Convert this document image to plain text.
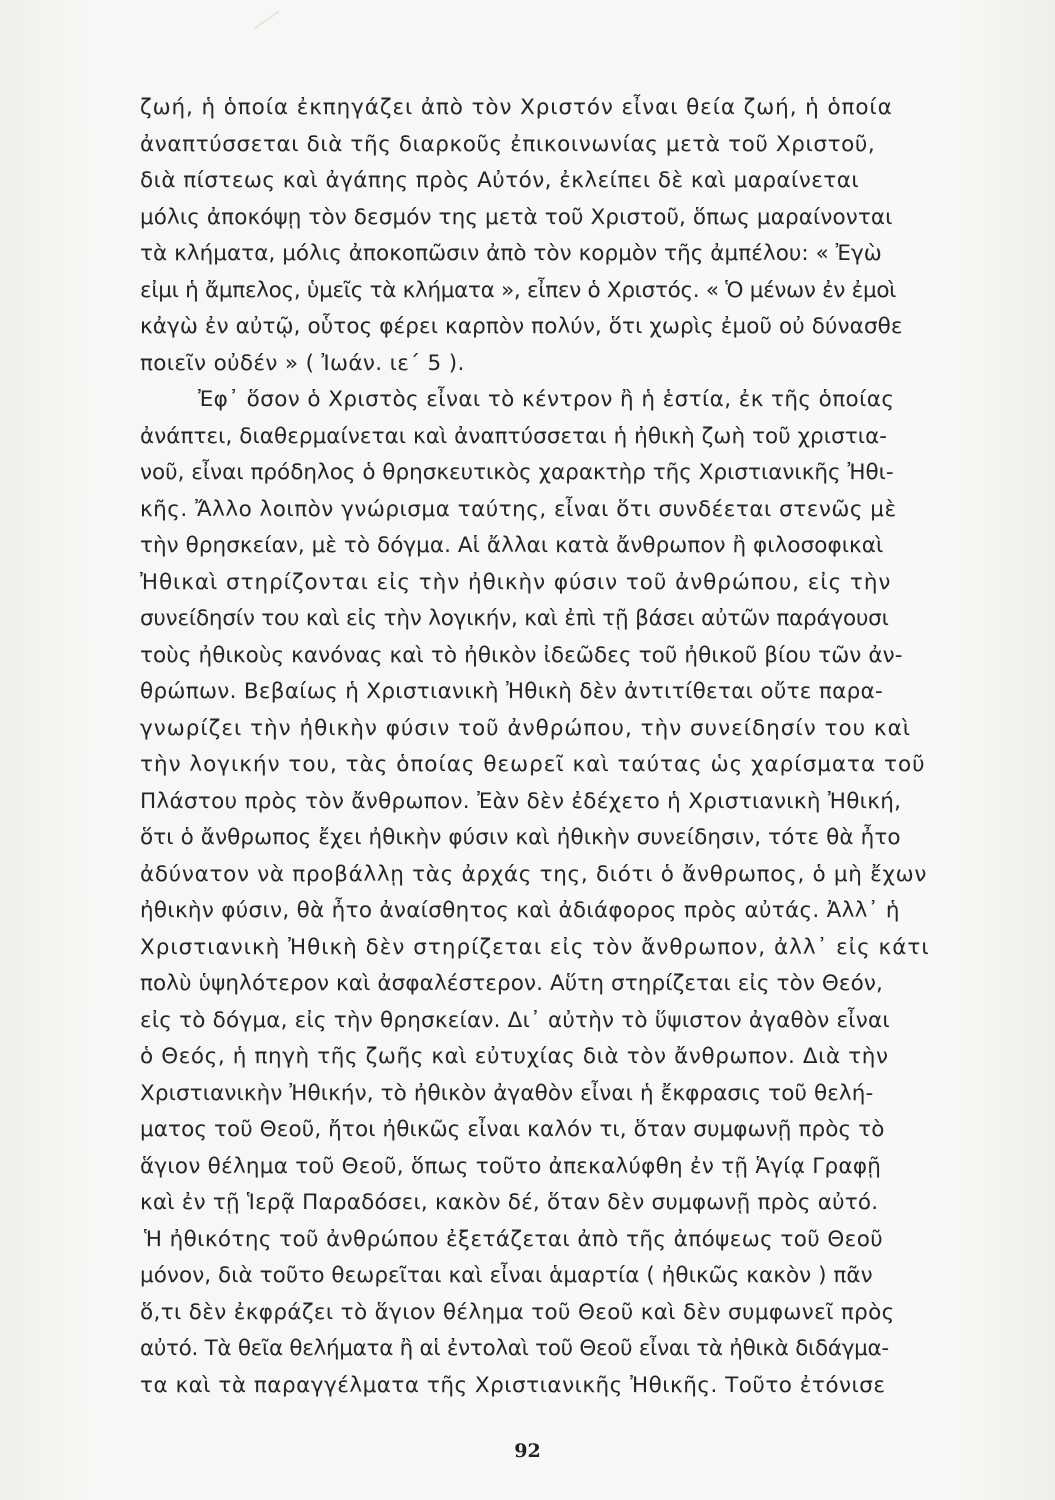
ζωή, ἡ ὁποία ἐκπηγάζει ἀπὸ τὸν Χριστόν εἶναι θεία ζωή, ἡ ὁποία
ἀναπτύσσεται διὰ τῆς διαρκοῦς ἐπικοινωνίας μετὰ τοῦ Χριστοῦ,
διὰ πίστεως καὶ ἀγάπης πρὸς Αὐτόν, ἐκλείπει δὲ καὶ μαραίνεται
μόλις ἀποκόψῃ τὸν δεσμόν της μετὰ τοῦ Χριστοῦ, ὅπως μαραίνονται
τὰ κλήματα, μόλις ἀποκοπῶσιν ἀπὸ τὸν κορμὸν τῆς ἀμπέλου: « Ἐγὼ
εἰμι ἡ ἄμπελος, ὑμεῖς τὰ κλήματα », εἶπεν ὁ Χριστός. « Ὁ μένων ἐν ἐμοὶ
κἀγὼ ἐν αὐτῷ, οὗτος φέρει καρπὸν πολύν, ὅτι χωρὶς ἐμοῦ οὐ δύνασθε
ποιεῖν οὐδέν » ( Ἰωάν. ιε΄ 5 ).
Ἐφ᾽ ὅσον ὁ Χριστὸς εἶναι τὸ κέντρον ἢ ἡ ἑστία, ἐκ τῆς ὁποίας
ἀνάπτει, διαθερμαίνεται καὶ ἀναπτύσσεται ἡ ἠθικὴ ζωὴ τοῦ χριστια-
νοῦ, εἶναι πρόδηλος ὁ θρησκευτικὸς χαρακτὴρ τῆς Χριστιανικῆς Ἠθι-
κῆς. Ἄλλο λοιπὸν γνώρισμα ταύτης, εἶναι ὅτι συνδέεται στενῶς μὲ
τὴν θρησκείαν, μὲ τὸ δόγμα. Αἱ ἄλλαι κατὰ ἄνθρωπον ἢ φιλοσοφικαὶ
Ἠθικαὶ στηρίζονται εἰς τὴν ἠθικὴν φύσιν τοῦ ἀνθρώπου, εἰς τὴν
συνείδησίν του καὶ εἰς τὴν λογικήν, καὶ ἐπὶ τῇ βάσει αὐτῶν παράγουσι
τοὺς ἠθικοὺς κανόνας καὶ τὸ ἠθικὸν ἰδεῶδες τοῦ ἠθικοῦ βίου τῶν ἀν-
θρώπων. Βεβαίως ἡ Χριστιανικὴ Ἠθικὴ δὲν ἀντιτίθεται οὔτε παρα-
γνωρίζει τὴν ἠθικὴν φύσιν τοῦ ἀνθρώπου, τὴν συνείδησίν του καὶ
τὴν λογικήν του, τὰς ὁποίας θεωρεῖ καὶ ταύτας ὡς χαρίσματα τοῦ
Πλάστου πρὸς τὸν ἄνθρωπον. Ἐὰν δὲν ἐδέχετο ἡ Χριστιανικὴ Ἠθική,
ὅτι ὁ ἄνθρωπος ἔχει ἠθικὴν φύσιν καὶ ἠθικὴν συνείδησιν, τότε θὰ ἦτο
ἀδύνατον νὰ προβάλλῃ τὰς ἀρχάς της, διότι ὁ ἄνθρωπος, ὁ μὴ ἔχων
ἠθικὴν φύσιν, θὰ ἦτο ἀναίσθητος καὶ ἀδιάφορος πρὸς αὐτάς. Ἀλλ᾽ ἡ
Χριστιανικὴ Ἠθικὴ δὲν στηρίζεται εἰς τὸν ἄνθρωπον, ἀλλ᾽ εἰς κάτι
πολὺ ὑψηλότερον καὶ ἀσφαλέστερον. Αὕτη στηρίζεται εἰς τὸν Θεόν,
εἰς τὸ δόγμα, εἰς τὴν θρησκείαν. Δι᾽ αὐτὴν τὸ ὕψιστον ἀγαθὸν εἶναι
ὁ Θεός, ἡ πηγὴ τῆς ζωῆς καὶ εὐτυχίας διὰ τὸν ἄνθρωπον. Διὰ τὴν
Χριστιανικὴν Ἠθικήν, τὸ ἠθικὸν ἀγαθὸν εἶναι ἡ ἔκφρασις τοῦ θελή-
ματος τοῦ Θεοῦ, ἤτοι ἠθικῶς εἶναι καλόν τι, ὅταν συμφωνῇ πρὸς τὸ
ἅγιον θέλημα τοῦ Θεοῦ, ὅπως τοῦτο ἀπεκαλύφθη ἐν τῇ Ἁγίᾳ Γραφῇ
καὶ ἐν τῇ Ἱερᾷ Παραδόσει, κακὸν δέ, ὅταν δὲν συμφωνῇ πρὸς αὐτό.
Ἡ ἠθικότης τοῦ ἀνθρώπου ἐξετάζεται ἀπὸ τῆς ἀπόψεως τοῦ Θεοῦ
μόνον, διὰ τοῦτο θεωρεῖται καὶ εἶναι ἁμαρτία ( ἠθικῶς κακὸν ) πᾶν
ὅ,τι δὲν ἐκφράζει τὸ ἅγιον θέλημα τοῦ Θεοῦ καὶ δὲν συμφωνεῖ πρὸς
αὐτό. Τὰ θεῖα θελήματα ἢ αἱ ἐντολαὶ τοῦ Θεοῦ εἶναι τὰ ἠθικὰ διδάγμα-
τα καὶ τὰ παραγγέλματα τῆς Χριστιανικῆς Ἠθικῆς. Τοῦτο ἐτόνισε
92
